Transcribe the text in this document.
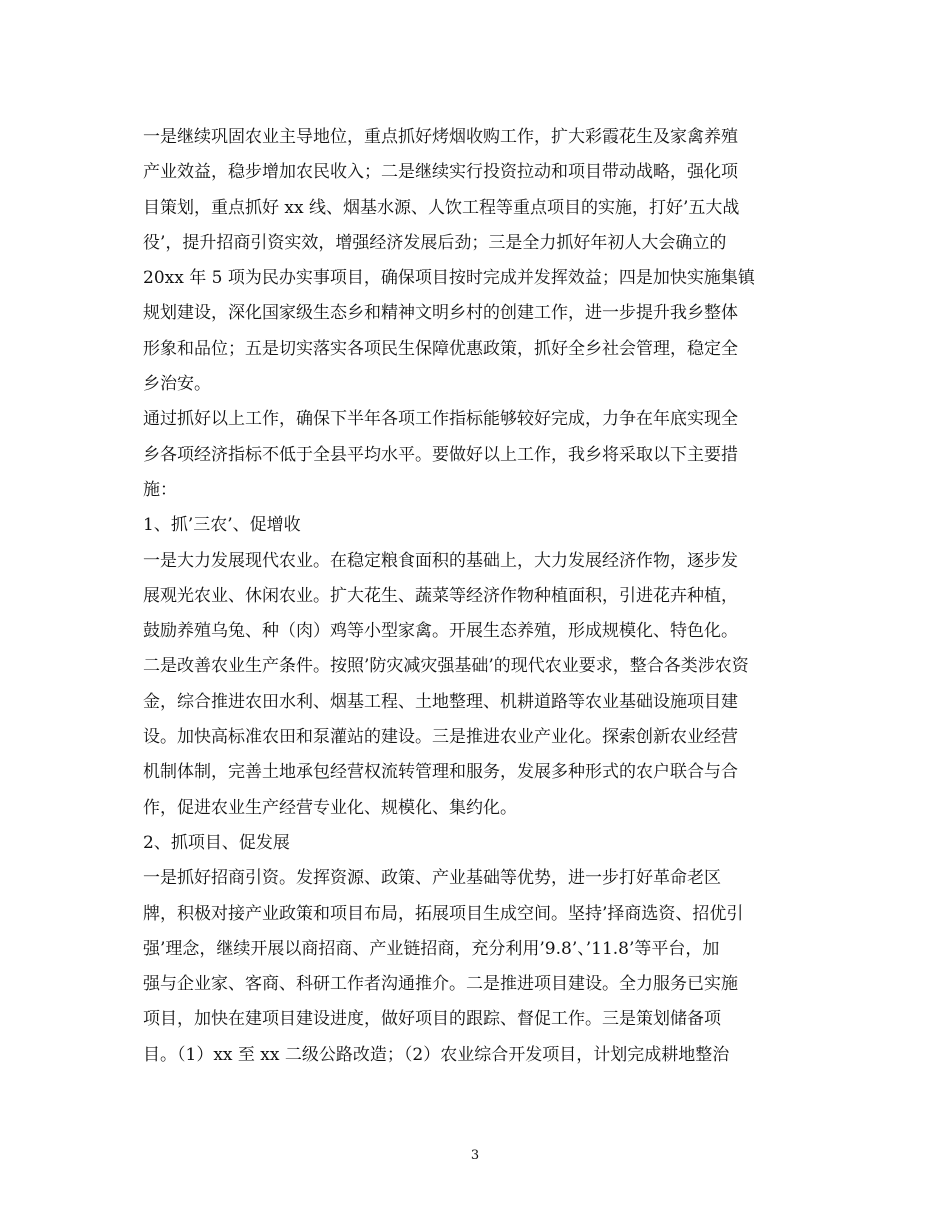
一是继续巩固农业主导地位，重点抓好烤烟收购工作，扩大彩霞花生及家禽养殖
产业效益，稳步增加农民收入；二是继续实行投资拉动和项目带动战略，强化项
目策划，重点抓好 xx 线、烟基水源、人饮工程等重点项目的实施，打好’五大战
役’，提升招商引资实效，增强经济发展后劲；三是全力抓好年初人大会确立的
20xx 年 5 项为民办实事项目，确保项目按时完成并发挥效益；四是加快实施集镇
规划建设，深化国家级生态乡和精神文明乡村的创建工作，进一步提升我乡整体
形象和品位；五是切实落实各项民生保障优惠政策，抓好全乡社会管理，稳定全
乡治安。
通过抓好以上工作，确保下半年各项工作指标能够较好完成，力争在年底实现全
乡各项经济指标不低于全县平均水平。要做好以上工作，我乡将采取以下主要措
施：
1、抓’三农’、促增收
一是大力发展现代农业。在稳定粮食面积的基础上，大力发展经济作物，逐步发
展观光农业、休闲农业。扩大花生、蔬菜等经济作物种植面积，引进花卉种植，
鼓励养殖乌兔、种（肉）鸡等小型家禽。开展生态养殖，形成规模化、特色化。
二是改善农业生产条件。按照’防灾减灾强基础’的现代农业要求，整合各类涉农资
金，综合推进农田水利、烟基工程、土地整理、机耕道路等农业基础设施项目建
设。加快高标准农田和泵灌站的建设。三是推进农业产业化。探索创新农业经营
机制体制，完善土地承包经营权流转管理和服务，发展多种形式的农户联合与合
作，促进农业生产经营专业化、规模化、集约化。
2、抓项目、促发展
一是抓好招商引资。发挥资源、政策、产业基础等优势，进一步打好革命老区
牌，积极对接产业政策和项目布局，拓展项目生成空间。坚持’择商选资、招优引
强’理念，继续开展以商招商、产业链招商，充分利用’9.8’、’11.8’等平台，加
强与企业家、客商、科研工作者沟通推介。二是推进项目建设。全力服务已实施
项目，加快在建项目建设进度，做好项目的跟踪、督促工作。三是策划储备项
目。（1）xx 至 xx 二级公路改造；（2）农业综合开发项目，计划完成耕地整治
3
